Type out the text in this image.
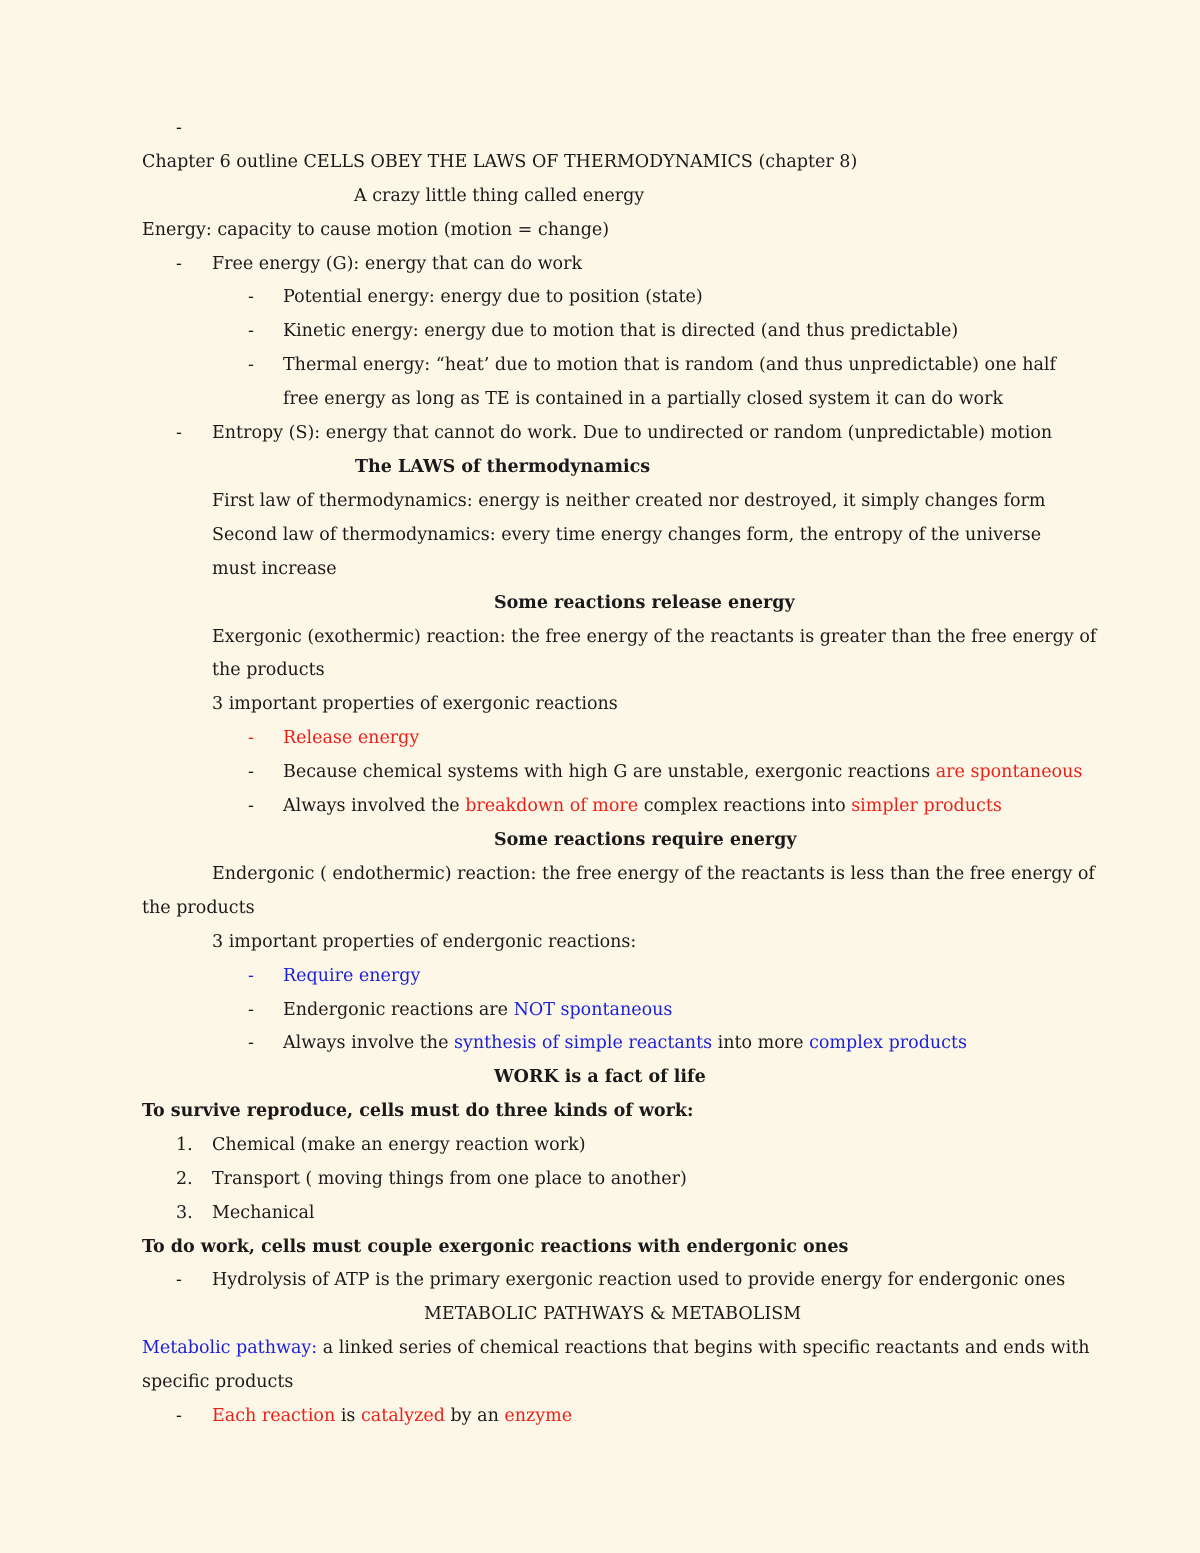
-
Chapter 6 outline CELLS OBEY THE LAWS OF THERMODYNAMICS (chapter 8)
A crazy little thing called energy
Energy: capacity to cause motion (motion = change)
- Free energy (G): energy that can do work
- Potential energy: energy due to position (state)
- Kinetic energy: energy due to motion that is directed (and thus predictable)
- Thermal energy: “heat’ due to motion that is random (and thus unpredictable) one half
free energy as long as TE is contained in a partially closed system it can do work
- Entropy (S): energy that cannot do work. Due to undirected or random (unpredictable) motion
The LAWS of thermodynamics
First law of thermodynamics: energy is neither created nor destroyed, it simply changes form
Second law of thermodynamics: every time energy changes form, the entropy of the universe
must increase
Some reactions release energy
Exergonic (exothermic) reaction: the free energy of the reactants is greater than the free energy of
the products
3 important properties of exergonic reactions
- Release energy
- Because chemical systems with high G are unstable, exergonic reactions are spontaneous
- Always involved the breakdown of more complex reactions into simpler products
Some reactions require energy
Endergonic ( endothermic) reaction: the free energy of the reactants is less than the free energy of
the products
3 important properties of endergonic reactions:
- Require energy
- Endergonic reactions are NOT spontaneous
- Always involve the synthesis of simple reactants into more complex products
WORK is a fact of life
To survive reproduce, cells must do three kinds of work:
1. Chemical (make an energy reaction work)
2. Transport ( moving things from one place to another)
3. Mechanical
To do work, cells must couple exergonic reactions with endergonic ones
- Hydrolysis of ATP is the primary exergonic reaction used to provide energy for endergonic ones
METABOLIC PATHWAYS & METABOLISM
Metabolic pathway: a linked series of chemical reactions that begins with specific reactants and ends with
specific products
- Each reaction is catalyzed by an enzyme
